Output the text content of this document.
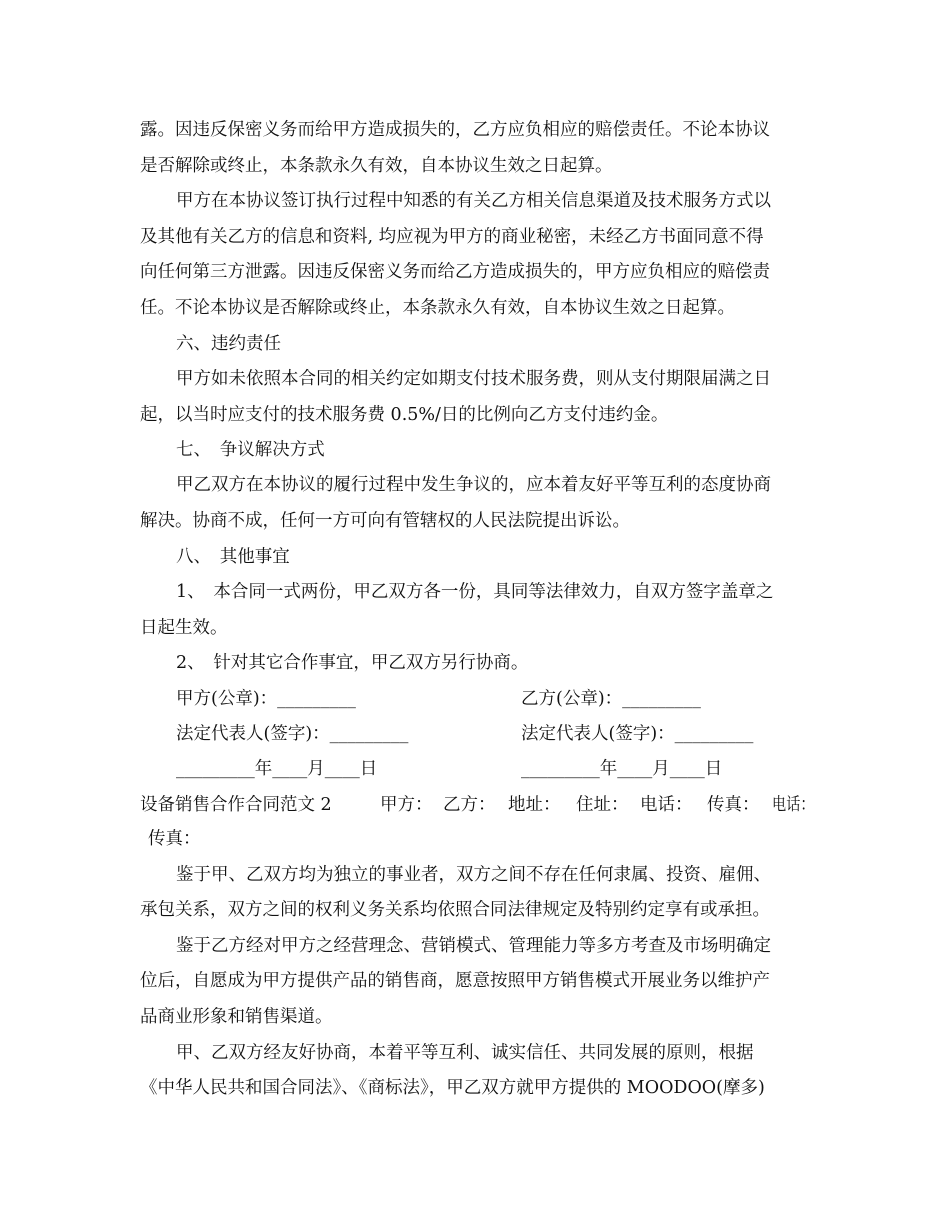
露。因违反保密义务而给甲方造成损失的，乙方应负相应的赔偿责任。不论本协议
是否解除或终止，本条款永久有效，自本协议生效之日起算。
甲方在本协议签订执行过程中知悉的有关乙方相关信息渠道及技术服务方式以
及其他有关乙方的信息和资料, 均应视为甲方的商业秘密，未经乙方书面同意不得
向任何第三方泄露。因违反保密义务而给乙方造成损失的，甲方应负相应的赔偿责
任。不论本协议是否解除或终止，本条款永久有效，自本协议生效之日起算。
六、违约责任
甲方如未依照本合同的相关约定如期支付技术服务费，则从支付期限届满之日
起，以当时应支付的技术服务费 0.5%/日的比例向乙方支付违约金。
七、　争议解决方式
甲乙双方在本协议的履行过程中发生争议的，应本着友好平等互利的态度协商
解决。协商不成，任何一方可向有管辖权的人民法院提出诉讼。
八、　其他事宜
1、　本合同一式两份，甲乙双方各一份，具同等法律效力，自双方签字盖章之
日起生效。
2、　针对其它合作事宜，甲乙双方另行协商。
甲方(公章)：_________	乙方(公章)：_________
法定代表人(签字)：_________	法定代表人(签字)：_________
_________年____月____日	_________年____月____日
设备销售合作合同范文 2	甲方： 乙方： 地址： 住址： 电话： 传真： 电话：
传真：
鉴于甲、乙双方均为独立的事业者，双方之间不存在任何隶属、投资、雇佣、
承包关系，双方之间的权利义务关系均依照合同法律规定及特别约定享有或承担。
鉴于乙方经对甲方之经营理念、营销模式、管理能力等多方考查及市场明确定
位后，自愿成为甲方提供产品的销售商，愿意按照甲方销售模式开展业务以维护产
品商业形象和销售渠道。
甲、乙双方经友好协商，本着平等互利、诚实信任、共同发展的原则，根据
《中华人民共和国合同法》、《商标法》，甲乙双方就甲方提供的 MOODOO(摩多)
